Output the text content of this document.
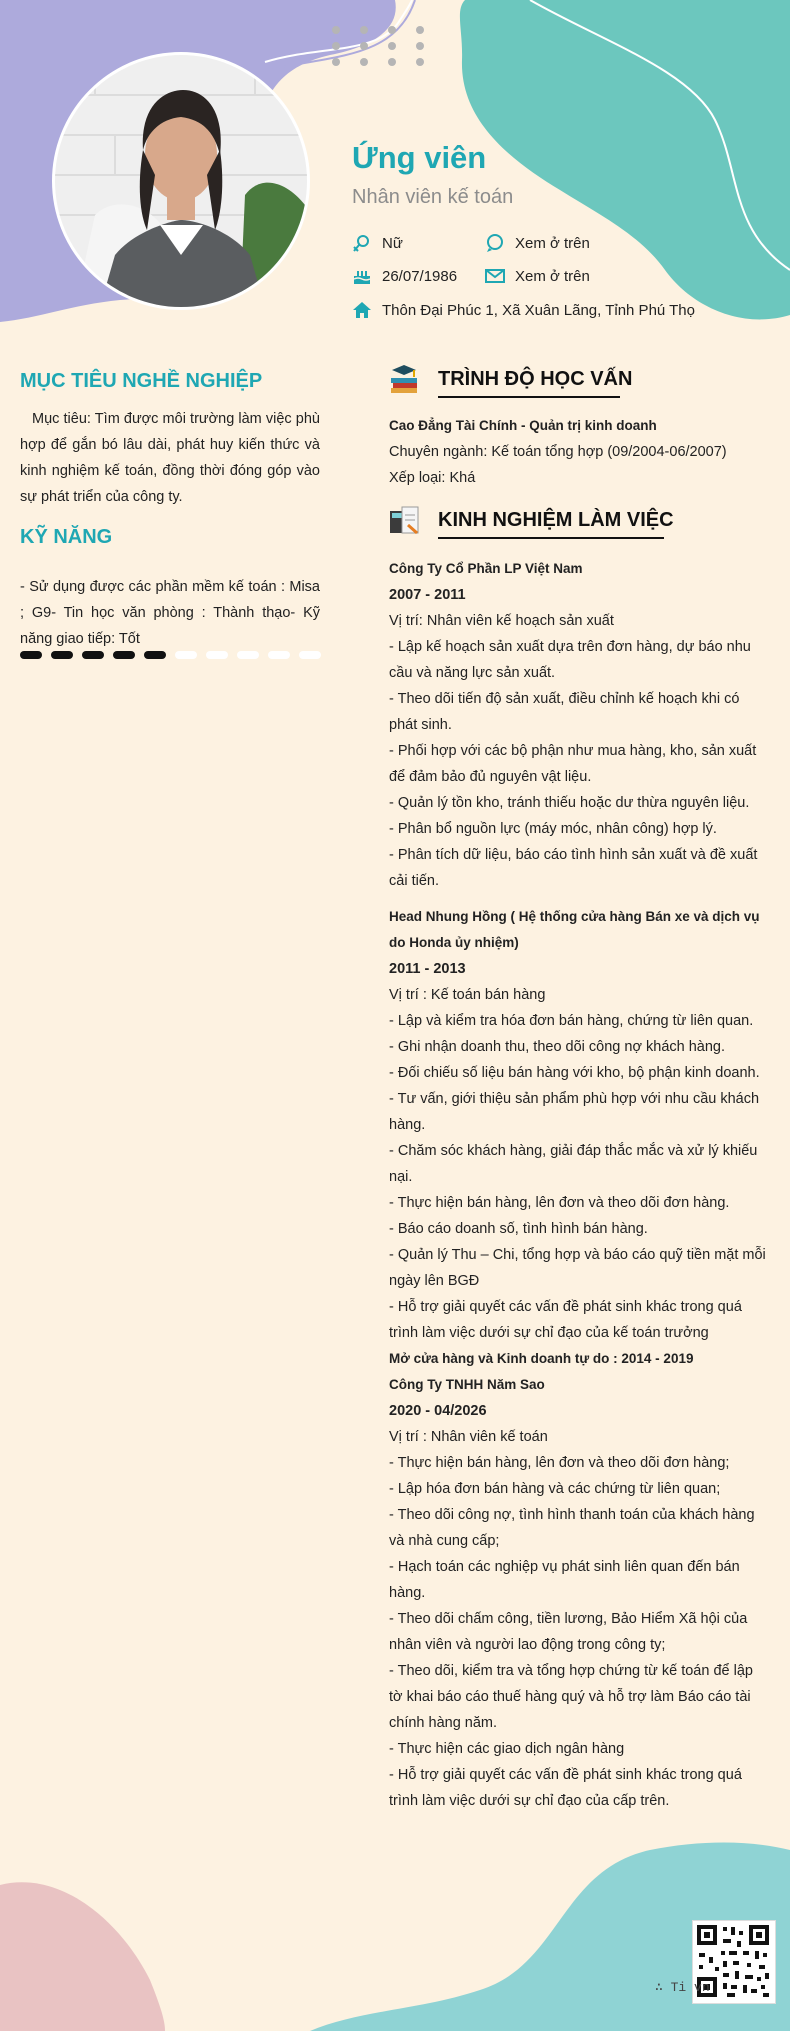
Ứng viên
Nhân viên kế toán
Nữ	Xem ở trên
26/07/1986	Xem ở trên
Thôn Đại Phúc 1, Xã Xuân Lãng, Tỉnh Phú Thọ
MỤC TIÊU NGHỀ NGHIỆP
Mục tiêu: Tìm được môi trường làm việc phù hợp để gắn bó lâu dài, phát huy kiến thức và kinh nghiệm kế toán, đồng thời đóng góp vào sự phát triển của công ty.
KỸ NĂNG
- Sử dụng được các phần mềm kế toán : Misa ; G9- Tin học văn phòng : Thành thạo- Kỹ năng giao tiếp: Tốt
TRÌNH ĐỘ HỌC VẤN
Cao Đẳng Tài Chính - Quản trị kinh doanh
Chuyên ngành: Kế toán tổng hợp (09/2004-06/2007)
Xếp loại: Khá
KINH NGHIỆM LÀM VIỆC
Công Ty Cổ Phần LP Việt Nam
2007 - 2011
Vị trí: Nhân viên kế hoạch sản xuất
- Lập kế hoạch sản xuất dựa trên đơn hàng, dự báo nhu cầu và năng lực sản xuất.
- Theo dõi tiến độ sản xuất, điều chỉnh kế hoạch khi có phát sinh.
- Phối hợp với các bộ phận như mua hàng, kho, sản xuất để đảm bảo đủ nguyên vật liệu.
- Quản lý tồn kho, tránh thiếu hoặc dư thừa nguyên liệu.
- Phân bổ nguồn lực (máy móc, nhân công) hợp lý.
- Phân tích dữ liệu, báo cáo tình hình sản xuất và đề xuất cải tiến.
Head Nhung Hồng ( Hệ thống cửa hàng Bán xe và dịch vụ do Honda ủy nhiệm)
2011 - 2013
Vị trí : Kế toán bán hàng
- Lập và kiểm tra hóa đơn bán hàng, chứng từ liên quan.
- Ghi nhận doanh thu, theo dõi công nợ khách hàng.
- Đối chiếu số liệu bán hàng với kho, bộ phận kinh doanh.
- Tư vấn, giới thiệu sản phẩm phù hợp với nhu cầu khách hàng.
- Chăm sóc khách hàng, giải đáp thắc mắc và xử lý khiếu nại.
- Thực hiện bán hàng, lên đơn và theo dõi đơn hàng.
- Báo cáo doanh số, tình hình bán hàng.
- Quản lý Thu – Chi, tổng hợp và báo cáo quỹ tiền mặt mỗi ngày lên BGĐ
- Hỗ trợ giải quyết các vấn đề phát sinh khác trong quá trình làm việc dưới sự chỉ đạo của kế toán trưởng
Mở cửa hàng và Kinh doanh tự do : 2014 - 2019
Công Ty TNHH Năm Sao
2020 - 04/2026
Vị trí : Nhân viên kế toán
- Thực hiện bán hàng, lên đơn và theo dõi đơn hàng;
- Lập hóa đơn bán hàng và các chứng từ liên quan;
- Theo dõi công nợ, tình hình thanh toán của khách hàng và nhà cung cấp;
- Hạch toán các nghiệp vụ phát sinh liên quan đến bán hàng.
- Theo dõi chấm công, tiền lương, Bảo Hiểm Xã hội của nhân viên và người lao động trong công ty;
- Theo dõi, kiểm tra và tổng hợp chứng từ kế toán để lập tờ khai báo cáo thuế hàng quý và hỗ trợ làm Báo cáo tài chính hàng năm.
- Thực hiện các giao dịch ngân hàng
- Hỗ trợ giải quyết các vấn đề phát sinh khác trong quá trình làm việc dưới sự chỉ đạo của cấp trên.
∴ Ti vn
